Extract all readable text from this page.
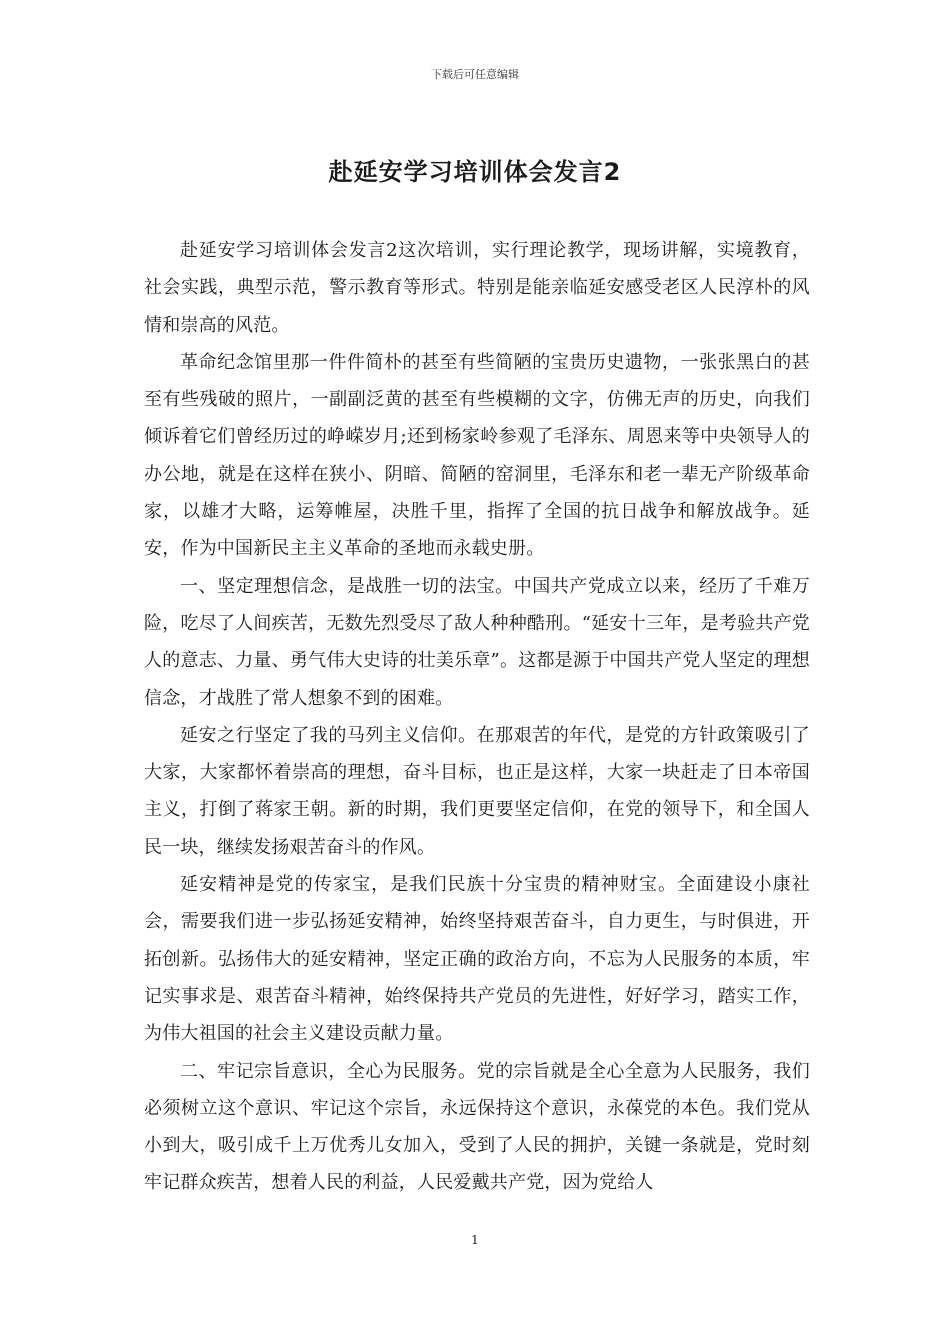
下载后可任意编辑
赴延安学习培训体会发言2

赴延安学习培训体会发言2这次培训，实行理论教学，现场讲解，实境教育，社会实践，典型示范，警示教育等形式。特别是能亲临延安感受老区人民淳朴的风情和崇高的风范。

革命纪念馆里那一件件简朴的甚至有些简陋的宝贵历史遗物，一张张黑白的甚至有些残破的照片，一副副泛黄的甚至有些模糊的文字，仿佛无声的历史，向我们倾诉着它们曾经历过的峥嵘岁月;还到杨家岭参观了毛泽东、周恩来等中央领导人的办公地，就是在这样在狭小、阴暗、简陋的窑洞里，毛泽东和老一辈无产阶级革命家，以雄才大略，运筹帷屋，决胜千里，指挥了全国的抗日战争和解放战争。延安，作为中国新民主主义革命的圣地而永载史册。

一、坚定理想信念，是战胜一切的法宝。中国共产党成立以来，经历了千难万险，吃尽了人间疾苦，无数先烈受尽了敌人种种酷刑。“延安十三年，是考验共产党人的意志、力量、勇气伟大史诗的壮美乐章”。这都是源于中国共产党人坚定的理想信念，才战胜了常人想象不到的困难。

延安之行坚定了我的马列主义信仰。在那艰苦的年代，是党的方针政策吸引了大家，大家都怀着崇高的理想，奋斗目标，也正是这样，大家一块赶走了日本帝国主义，打倒了蒋家王朝。新的时期，我们更要坚定信仰，在党的领导下，和全国人民一块，继续发扬艰苦奋斗的作风。

延安精神是党的传家宝，是我们民族十分宝贵的精神财宝。全面建设小康社会，需要我们进一步弘扬延安精神，始终坚持艰苦奋斗，自力更生，与时俱进，开拓创新。弘扬伟大的延安精神，坚定正确的政治方向，不忘为人民服务的本质，牢记实事求是、艰苦奋斗精神，始终保持共产党员的先进性，好好学习，踏实工作，为伟大祖国的社会主义建设贡献力量。

二、牢记宗旨意识，全心为民服务。党的宗旨就是全心全意为人民服务，我们必须树立这个意识、牢记这个宗旨，永远保持这个意识，永葆党的本色。我们党从小到大，吸引成千上万优秀儿女加入，受到了人民的拥护，关键一条就是，党时刻牢记群众疾苦，想着人民的利益，人民爱戴共产党，因为党给人

1
